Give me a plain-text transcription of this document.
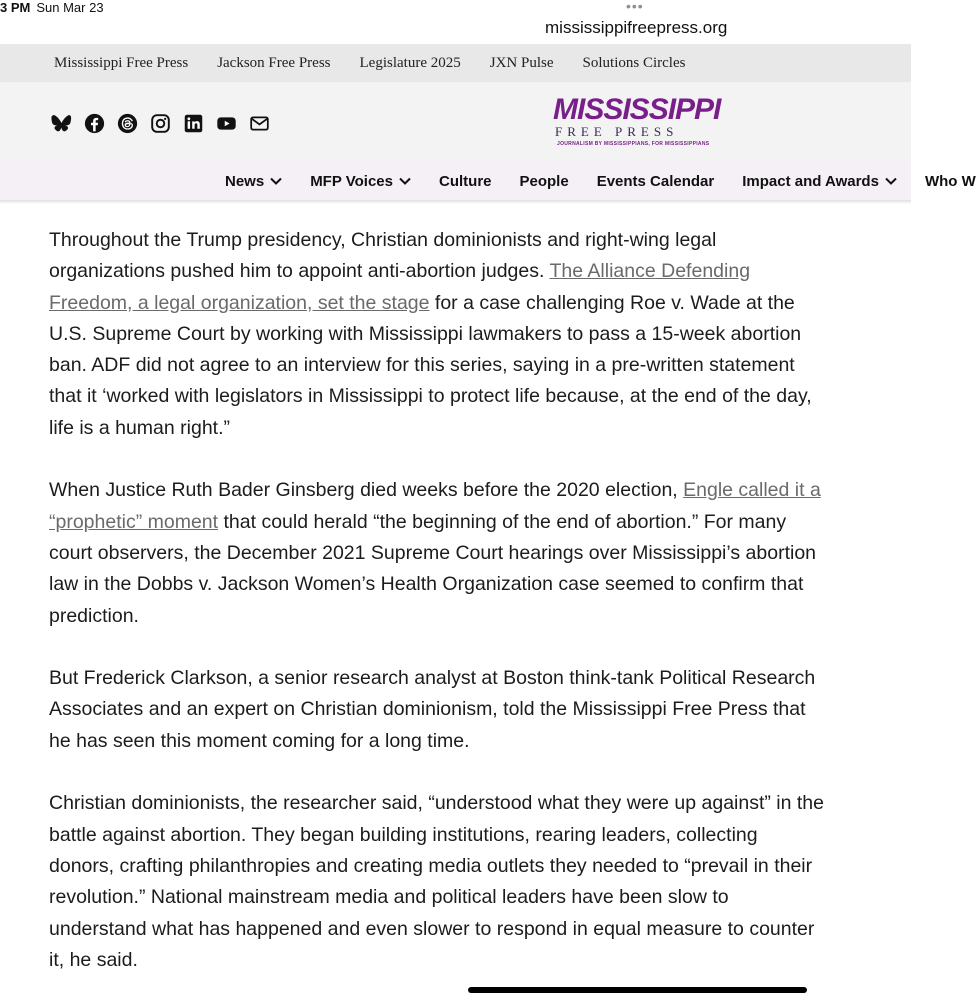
3 PM Sun Mar 23	•••
mississippifreepress.org
Mississippi Free Press Jackson Free Press Legislature 2025 JXN Pulse Solutions Circles
MISSISSIPPI
FREE PRESS
JOURNALISM BY MISSISSIPPIANS, FOR MISSISSIPPIANS
News	MFP Voices	Culture People Events Calendar Impact and Awards	Who W

Throughout the Trump presidency, Christian dominionists and right-wing legal organizations pushed him to appoint anti-abortion judges. The Alliance Defending Freedom, a legal organization, set the stage for a case challenging Roe v. Wade at the U.S. Supreme Court by working with Mississippi lawmakers to pass a 15-week abortion ban. ADF did not agree to an interview for this series, saying in a pre-written statement that it ‘worked with legislators in Mississippi to protect life because, at the end of the day, life is a human right.”

When Justice Ruth Bader Ginsberg died weeks before the 2020 election, Engle called it a “prophetic” moment that could herald “the beginning of the end of abortion.” For many court observers, the December 2021 Supreme Court hearings over Mississippi’s abortion law in the Dobbs v. Jackson Women’s Health Organization case seemed to confirm that prediction.

But Frederick Clarkson, a senior research analyst at Boston think-tank Political Research Associates and an expert on Christian dominionism, told the Mississippi Free Press that he has seen this moment coming for a long time.

Christian dominionists, the researcher said, “understood what they were up against” in the battle against abortion. They began building institutions, rearing leaders, collecting donors, crafting philanthropies and creating media outlets they needed to “prevail in their revolution.” National mainstream media and political leaders have been slow to understand what has happened and even slower to respond in equal measure to counter it, he said.
